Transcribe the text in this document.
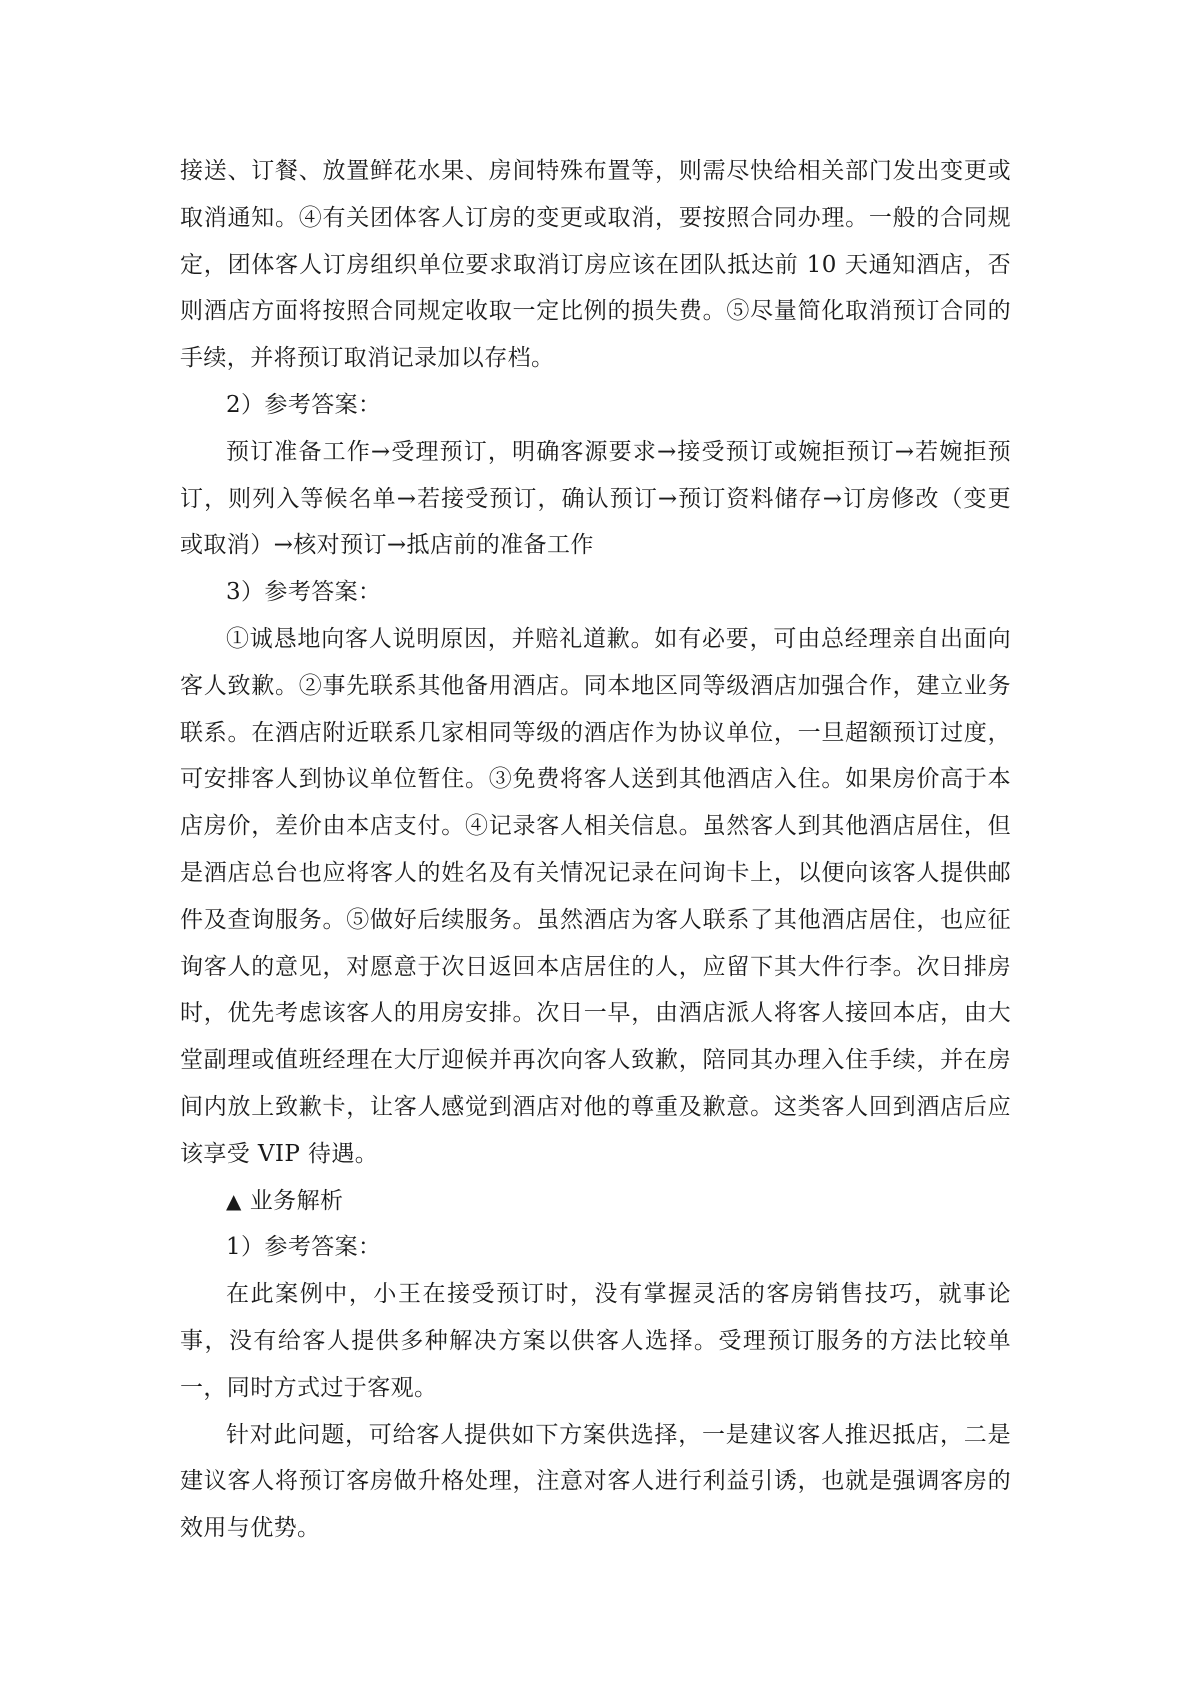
接送、订餐、放置鲜花水果、房间特殊布置等，则需尽快给相关部门发出变更或取消通知。④有关团体客人订房的变更或取消，要按照合同办理。一般的合同规定，团体客人订房组织单位要求取消订房应该在团队抵达前 10 天通知酒店，否则酒店方面将按照合同规定收取一定比例的损失费。⑤尽量简化取消预订合同的手续，并将预订取消记录加以存档。

2）参考答案：

预订准备工作→受理预订，明确客源要求→接受预订或婉拒预订→若婉拒预订，则列入等候名单→若接受预订，确认预订→预订资料储存→订房修改（变更或取消）→核对预订→抵店前的准备工作

3）参考答案：

①诚恳地向客人说明原因，并赔礼道歉。如有必要，可由总经理亲自出面向客人致歉。②事先联系其他备用酒店。同本地区同等级酒店加强合作，建立业务联系。在酒店附近联系几家相同等级的酒店作为协议单位，一旦超额预订过度，可安排客人到协议单位暂住。③免费将客人送到其他酒店入住。如果房价高于本店房价，差价由本店支付。④记录客人相关信息。虽然客人到其他酒店居住，但是酒店总台也应将客人的姓名及有关情况记录在问询卡上，以便向该客人提供邮件及查询服务。⑤做好后续服务。虽然酒店为客人联系了其他酒店居住，也应征询客人的意见，对愿意于次日返回本店居住的人，应留下其大件行李。次日排房时，优先考虑该客人的用房安排。次日一早，由酒店派人将客人接回本店，由大堂副理或值班经理在大厅迎候并再次向客人致歉，陪同其办理入住手续，并在房间内放上致歉卡，让客人感觉到酒店对他的尊重及歉意。这类客人回到酒店后应该享受 VIP 待遇。

▲ 业务解析

1）参考答案：

在此案例中，小王在接受预订时，没有掌握灵活的客房销售技巧，就事论事，没有给客人提供多种解决方案以供客人选择。受理预订服务的方法比较单一，同时方式过于客观。

针对此问题，可给客人提供如下方案供选择，一是建议客人推迟抵店，二是建议客人将预订客房做升格处理，注意对客人进行利益引诱，也就是强调客房的效用与优势。
